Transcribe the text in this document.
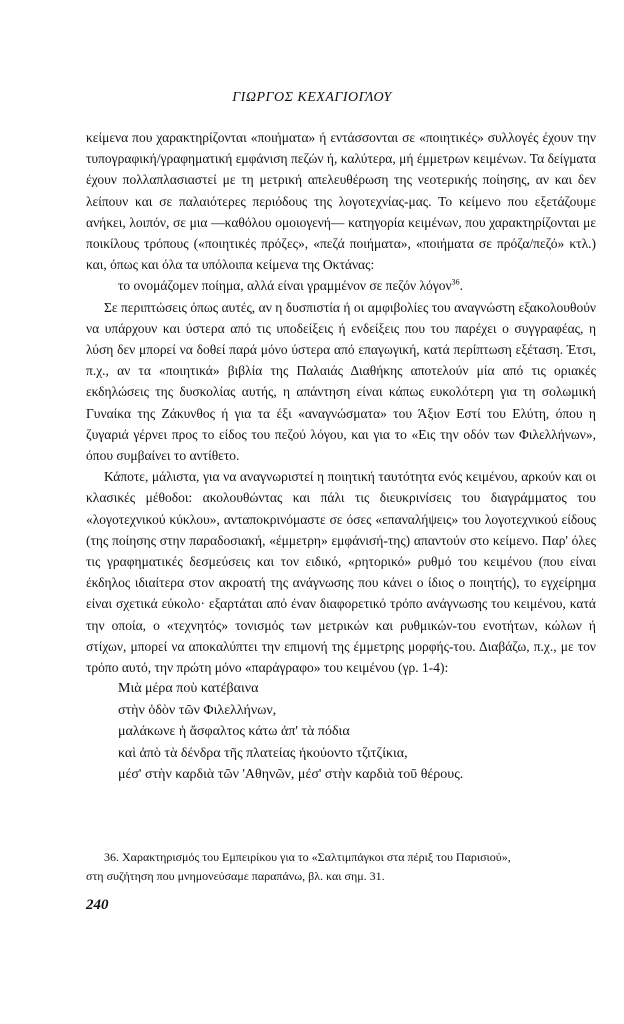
ΓΙΩΡΓΟΣ ΚΕΧΑΓΙΟΓΛΟΥ

κείμενα που χαρακτηρίζονται «ποιήματα» ή εντάσσονται σε «ποιητικές» συλλογές έχουν την τυπογραφική/γραφηματική εμφάνιση πεζών ή, καλύτερα, μή έμμετρων κειμένων. Τα δείγματα έχουν πολλαπλασιαστεί με τη μετρική απελευθέρωση της νεοτερικής ποίησης, αν και δεν λείπουν και σε παλαιότερες περιόδους της λογοτεχνίας-μας. Το κείμενο που εξετάζουμε ανήκει, λοιπόν, σε μια —καθόλου ομοιογενή— κατηγορία κειμένων, που χαρακτηρίζονται με ποικίλους τρόπους («ποιητικές πρόζες», «πεζά ποιήματα», «ποιήματα σε πρόζα/πεζό» κτλ.) και, όπως και όλα τα υπόλοιπα κείμενα της Οκτάνας:

το ονομάζομεν ποίημα, αλλά είναι γραμμένον σε πεζόν λόγον$^{36}$.

Σε περιπτώσεις όπως αυτές, αν η δυσπιστία ή οι αμφιβολίες του αναγνώστη εξακολουθούν να υπάρχουν και ύστερα από τις υποδείξεις ή ενδείξεις που του παρέχει ο συγγραφέας, η λύση δεν μπορεί να δοθεί παρά μόνο ύστερα από επαγωγική, κατά περίπτωση εξέταση. Έτσι, π.χ., αν τα «ποιητικά» βιβλία της Παλαιάς Διαθήκης αποτελούν μία από τις οριακές εκδηλώσεις της δυσκολίας αυτής, η απάντηση είναι κάπως ευκολότερη για τη σολωμική Γυναίκα της Ζάκυνθος ή για τα έξι «αναγνώσματα» του Άξιον Εστί του Ελύτη, όπου η ζυγαριά γέρνει προς το είδος του πεζού λόγου, και για το «Εις την οδόν των Φιλελλήνων», όπου συμβαίνει το αντίθετο.

Κάποτε, μάλιστα, για να αναγνωριστεί η ποιητική ταυτότητα ενός κειμένου, αρκούν και οι κλασικές μέθοδοι: ακολουθώντας και πάλι τις διευκρινίσεις του διαγράμματος του «λογοτεχνικού κύκλου», ανταποκρινόμαστε σε όσες «επαναλήψεις» του λογοτεχνικού είδους (της ποίησης στην παραδοσιακή, «έμμετρη» εμφάνισή-της) απαντούν στο κείμενο. Παρ' όλες τις γραφηματικές δεσμεύσεις και τον ειδικό, «ρητορικό» ρυθμό του κειμένου (που είναι έκδηλος ιδιαίτερα στον ακροατή της ανάγνωσης που κάνει ο ίδιος ο ποιητής), το εγχείρημα είναι σχετικά εύκολο· εξαρτάται από έναν διαφορετικό τρόπο ανάγνωσης του κειμένου, κατά την οποία, ο «τεχνητός» τονισμός των μετρικών και ρυθμικών-του ενοτήτων, κώλων ή στίχων, μπορεί να αποκαλύπτει την επιμονή της έμμετρης μορφής-του. Διαβάζω, π.χ., με τον τρόπο αυτό, την πρώτη μόνο «παράγραφο» του κειμένου (γρ. 1-4):

Μιὰ μέρα ποὺ κατέβαινα
στὴν ὁδὸν τῶν Φιλελλήνων,
μαλάκωνε ἡ ἄσφαλτος κάτω ἀπ' τὰ πόδια
καὶ ἀπὸ τὰ δένδρα τῆς πλατείας ἠκούοντο τζιτζίκια,
μέσ' στὴν καρδιὰ τῶν 'Αθηνῶν, μέσ' στὴν καρδιὰ τοῦ θέρους.
36. Χαρακτηρισμός του Εμπειρίκου για το «Σαλτιμπάγκοι στα πέριξ του Παρισιού»,
στη συζήτηση που μνημονεύσαμε παραπάνω, βλ. και σημ. 31.
240
